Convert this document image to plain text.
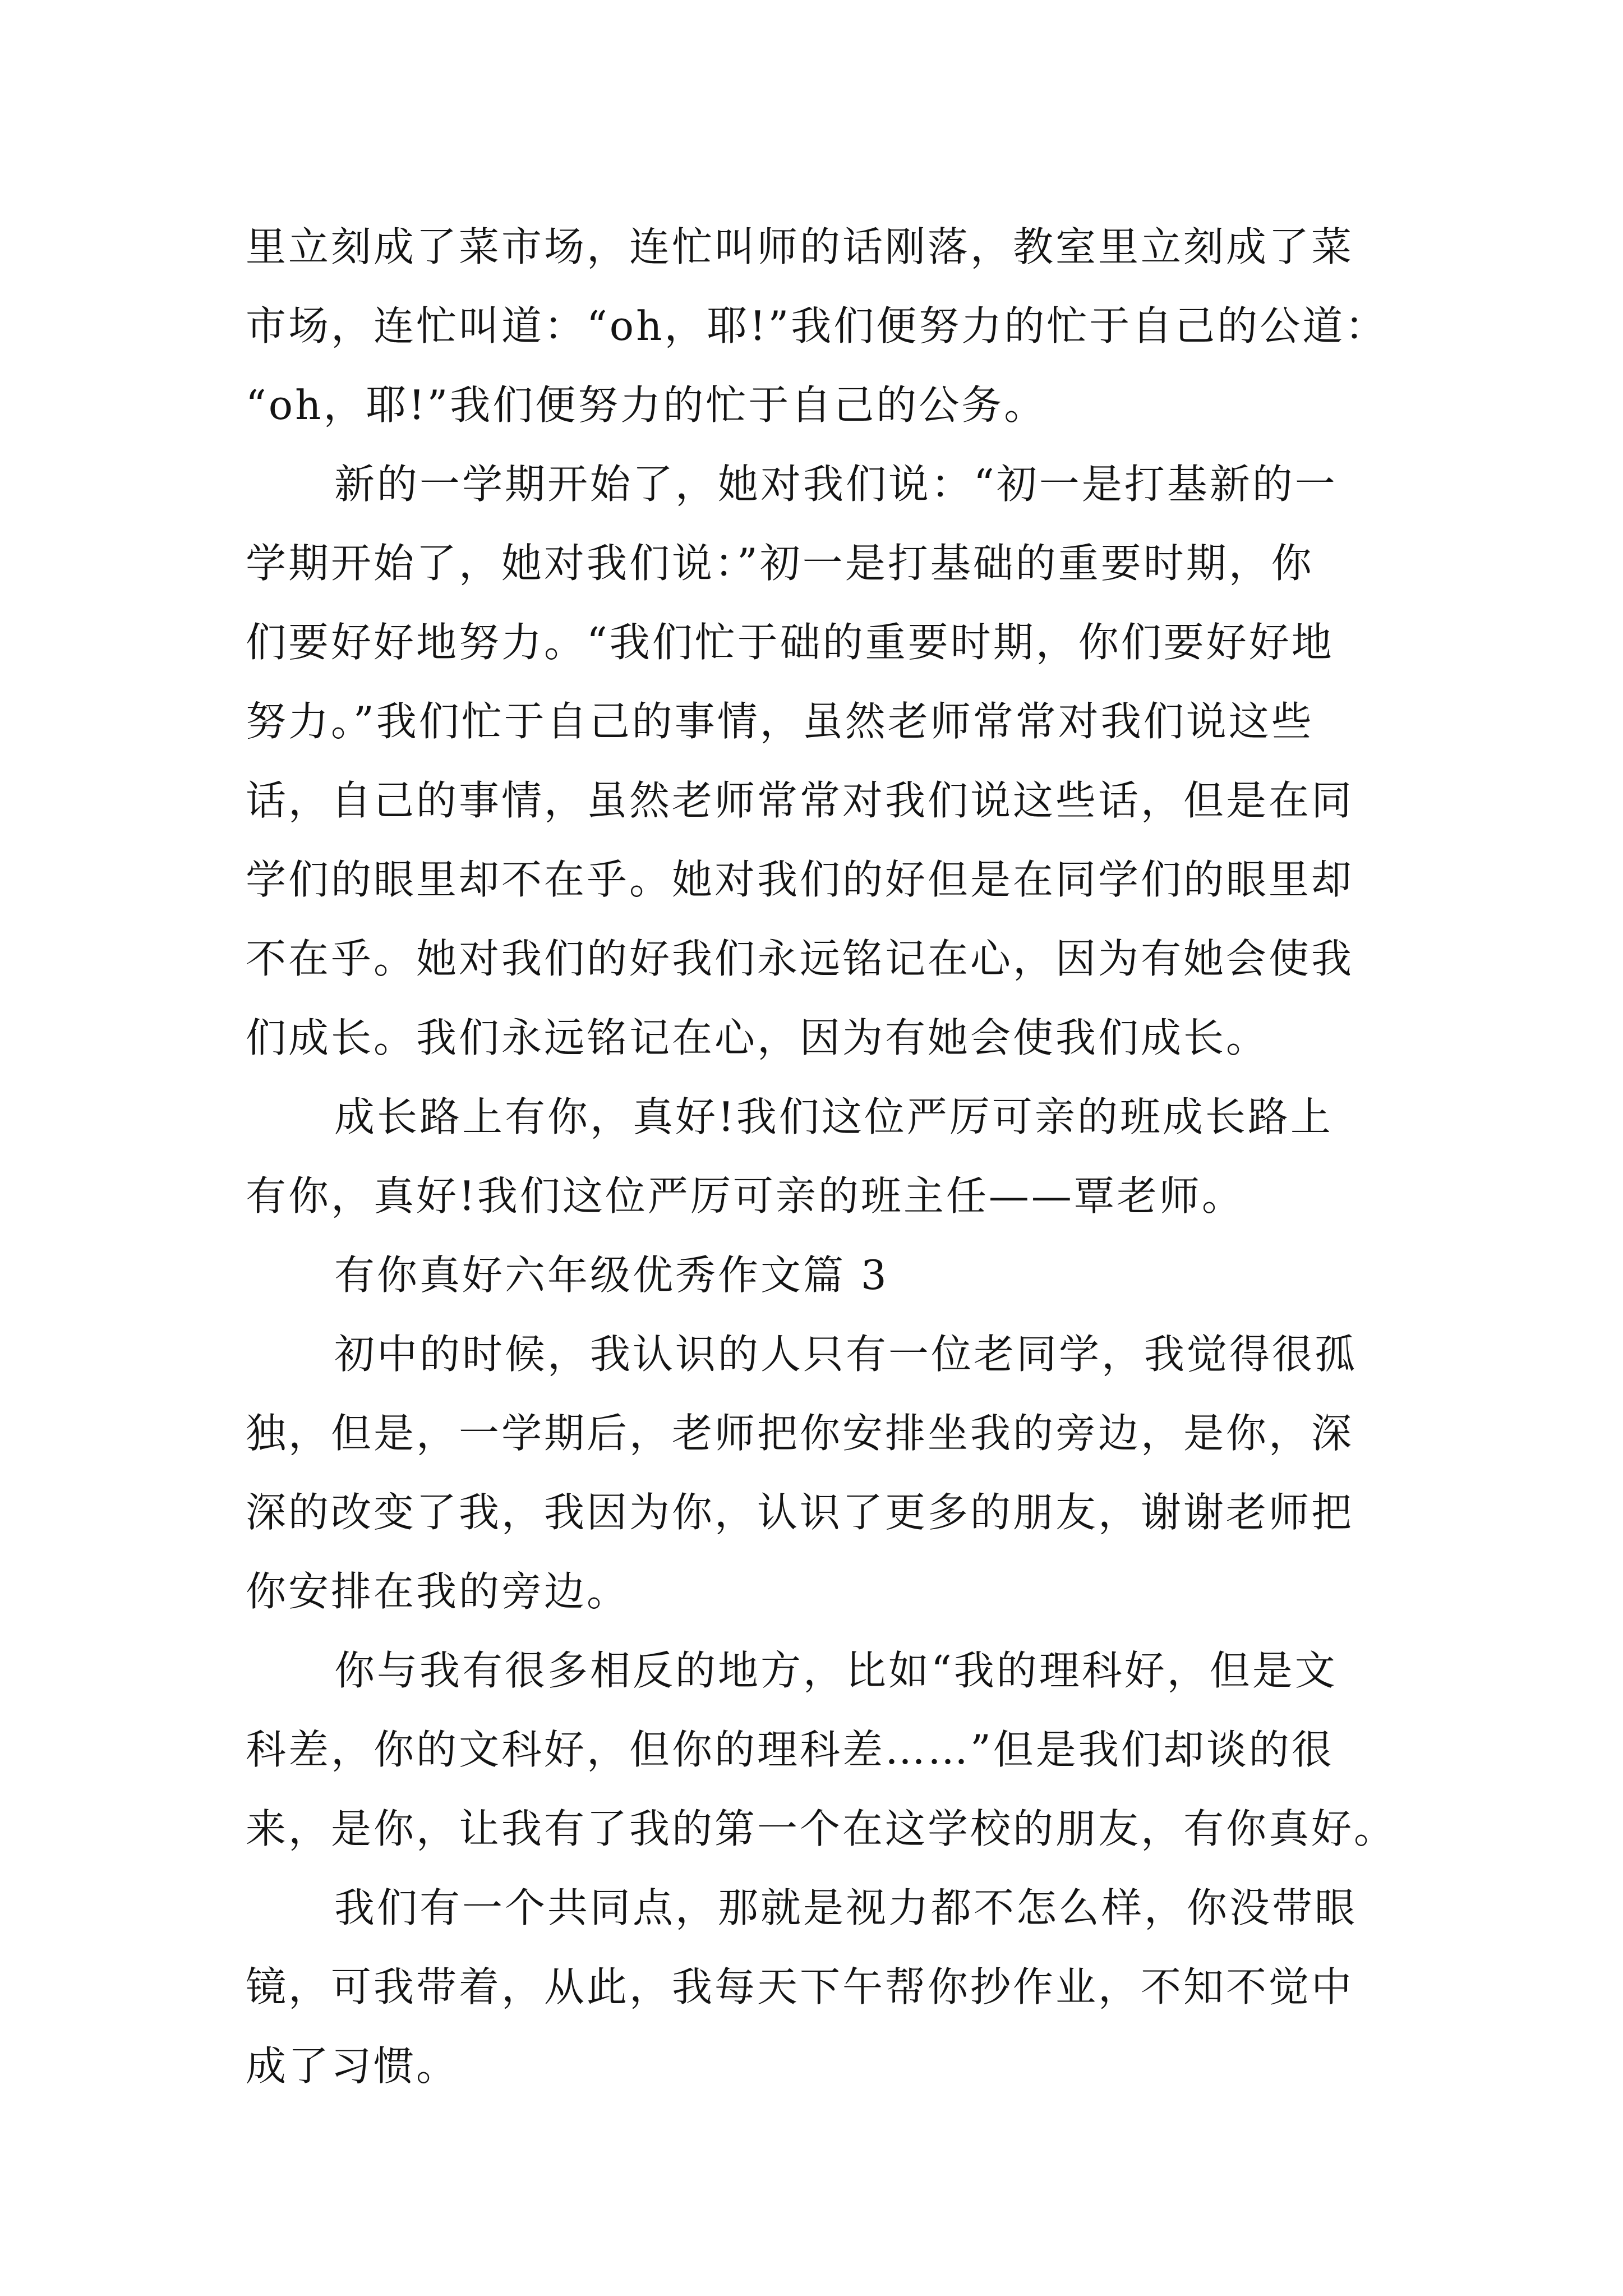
里立刻成了菜市场，连忙叫师的话刚落，教室里立刻成了菜
市场，连忙叫道：“oh，耶!”我们便努力的忙于自己的公道：
“oh，耶!”我们便努力的忙于自己的公务。
新的一学期开始了，她对我们说：“初一是打基新的一
学期开始了，她对我们说：”初一是打基础的重要时期，你
们要好好地努力。“我们忙于础的重要时期，你们要好好地
努力。”我们忙于自己的事情，虽然老师常常对我们说这些
话，自己的事情，虽然老师常常对我们说这些话，但是在同
学们的眼里却不在乎。她对我们的好但是在同学们的眼里却
不在乎。她对我们的好我们永远铭记在心，因为有她会使我
们成长。我们永远铭记在心，因为有她会使我们成长。
成长路上有你，真好!我们这位严厉可亲的班成长路上
有你，真好!我们这位严厉可亲的班主任——覃老师。
有你真好六年级优秀作文篇 3
初中的时候，我认识的人只有一位老同学，我觉得很孤
独，但是，一学期后，老师把你安排坐我的旁边，是你，深
深的改变了我，我因为你，认识了更多的朋友，谢谢老师把
你安排在我的旁边。
你与我有很多相反的地方，比如“我的理科好，但是文
科差，你的文科好，但你的理科差……”但是我们却谈的很
来，是你，让我有了我的第一个在这学校的朋友，有你真好。
我们有一个共同点，那就是视力都不怎么样，你没带眼
镜，可我带着，从此，我每天下午帮你抄作业，不知不觉中
成了习惯。
